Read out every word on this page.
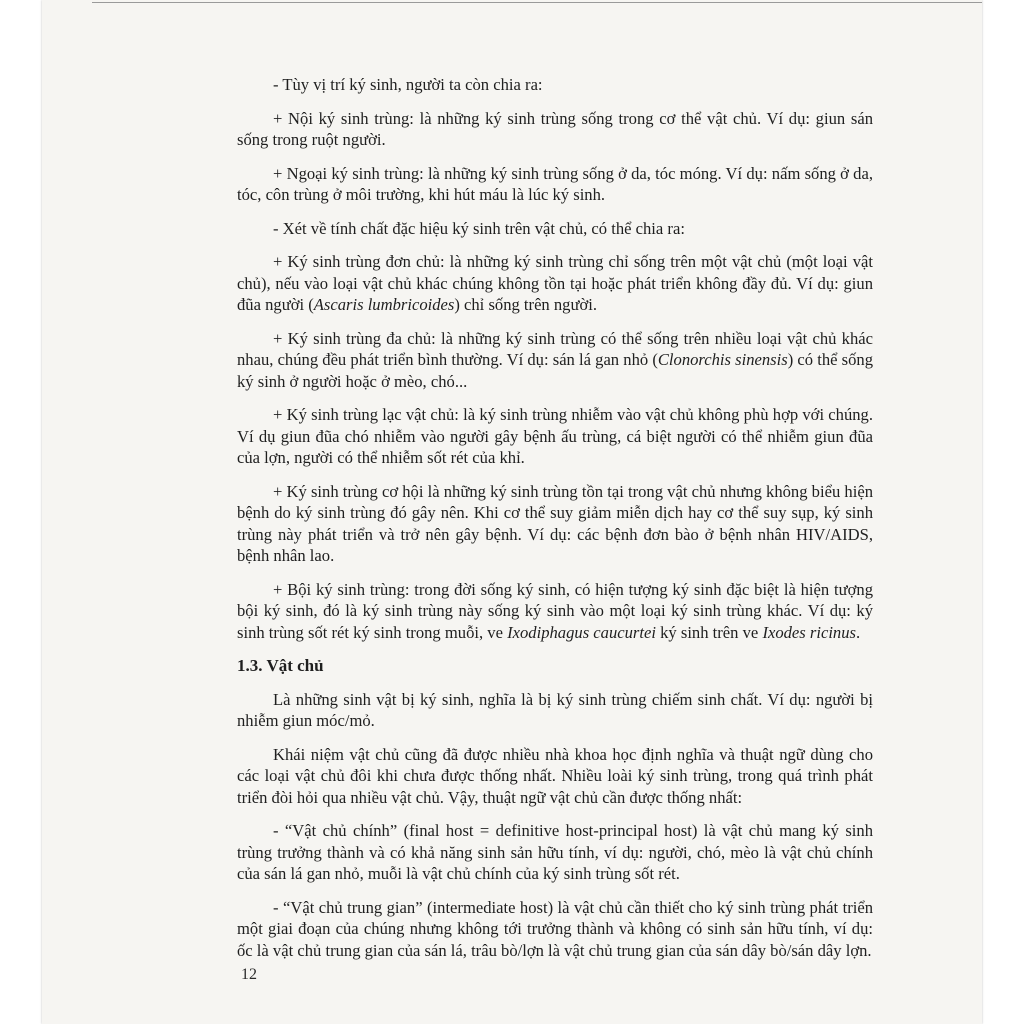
- Tùy vị trí ký sinh, người ta còn chia ra:

+ Nội ký sinh trùng: là những ký sinh trùng sống trong cơ thể vật chủ. Ví dụ: giun sán sống trong ruột người.

+ Ngoại ký sinh trùng: là những ký sinh trùng sống ở da, tóc móng. Ví dụ: nấm sống ở da, tóc, côn trùng ở môi trường, khi hút máu là lúc ký sinh.

- Xét về tính chất đặc hiệu ký sinh trên vật chủ, có thể chia ra:

+ Ký sinh trùng đơn chủ: là những ký sinh trùng chỉ sống trên một vật chủ (một loại vật chủ), nếu vào loại vật chủ khác chúng không tồn tại hoặc phát triển không đầy đủ. Ví dụ: giun đũa người (Ascaris lumbricoides) chỉ sống trên người.

+ Ký sinh trùng đa chủ: là những ký sinh trùng có thể sống trên nhiều loại vật chủ khác nhau, chúng đều phát triển bình thường. Ví dụ: sán lá gan nhỏ (Clonorchis sinensis) có thể sống ký sinh ở người hoặc ở mèo, chó...

+ Ký sinh trùng lạc vật chủ: là ký sinh trùng nhiễm vào vật chủ không phù hợp với chúng. Ví dụ giun đũa chó nhiễm vào người gây bệnh ấu trùng, cá biệt người có thể nhiễm giun đũa của lợn, người có thể nhiễm sốt rét của khỉ.

+ Ký sinh trùng cơ hội là những ký sinh trùng tồn tại trong vật chủ nhưng không biểu hiện bệnh do ký sinh trùng đó gây nên. Khi cơ thể suy giảm miễn dịch hay cơ thể suy sụp, ký sinh trùng này phát triển và trở nên gây bệnh. Ví dụ: các bệnh đơn bào ở bệnh nhân HIV/AIDS, bệnh nhân lao.

+ Bội ký sinh trùng: trong đời sống ký sinh, có hiện tượng ký sinh đặc biệt là hiện tượng bội ký sinh, đó là ký sinh trùng này sống ký sinh vào một loại ký sinh trùng khác. Ví dụ: ký sinh trùng sốt rét ký sinh trong muỗi, ve Ixodiphagus caucurtei ký sinh trên ve Ixodes ricinus.

1.3. Vật chủ

Là những sinh vật bị ký sinh, nghĩa là bị ký sinh trùng chiếm sinh chất. Ví dụ: người bị nhiễm giun móc/mỏ.

Khái niệm vật chủ cũng đã được nhiều nhà khoa học định nghĩa và thuật ngữ dùng cho các loại vật chủ đôi khi chưa được thống nhất. Nhiều loài ký sinh trùng, trong quá trình phát triển đòi hỏi qua nhiều vật chủ. Vậy, thuật ngữ vật chủ cần được thống nhất:

- “Vật chủ chính” (final host = definitive host-principal host) là vật chủ mang ký sinh trùng trưởng thành và có khả năng sinh sản hữu tính, ví dụ: người, chó, mèo là vật chủ chính của sán lá gan nhỏ, muỗi là vật chủ chính của ký sinh trùng sốt rét.

- “Vật chủ trung gian” (intermediate host) là vật chủ cần thiết cho ký sinh trùng phát triển một giai đoạn của chúng nhưng không tới trưởng thành và không có sinh sản hữu tính, ví dụ: ốc là vật chủ trung gian của sán lá, trâu bò/lợn là vật chủ trung gian của sán dây bò/sán dây lợn.

12
